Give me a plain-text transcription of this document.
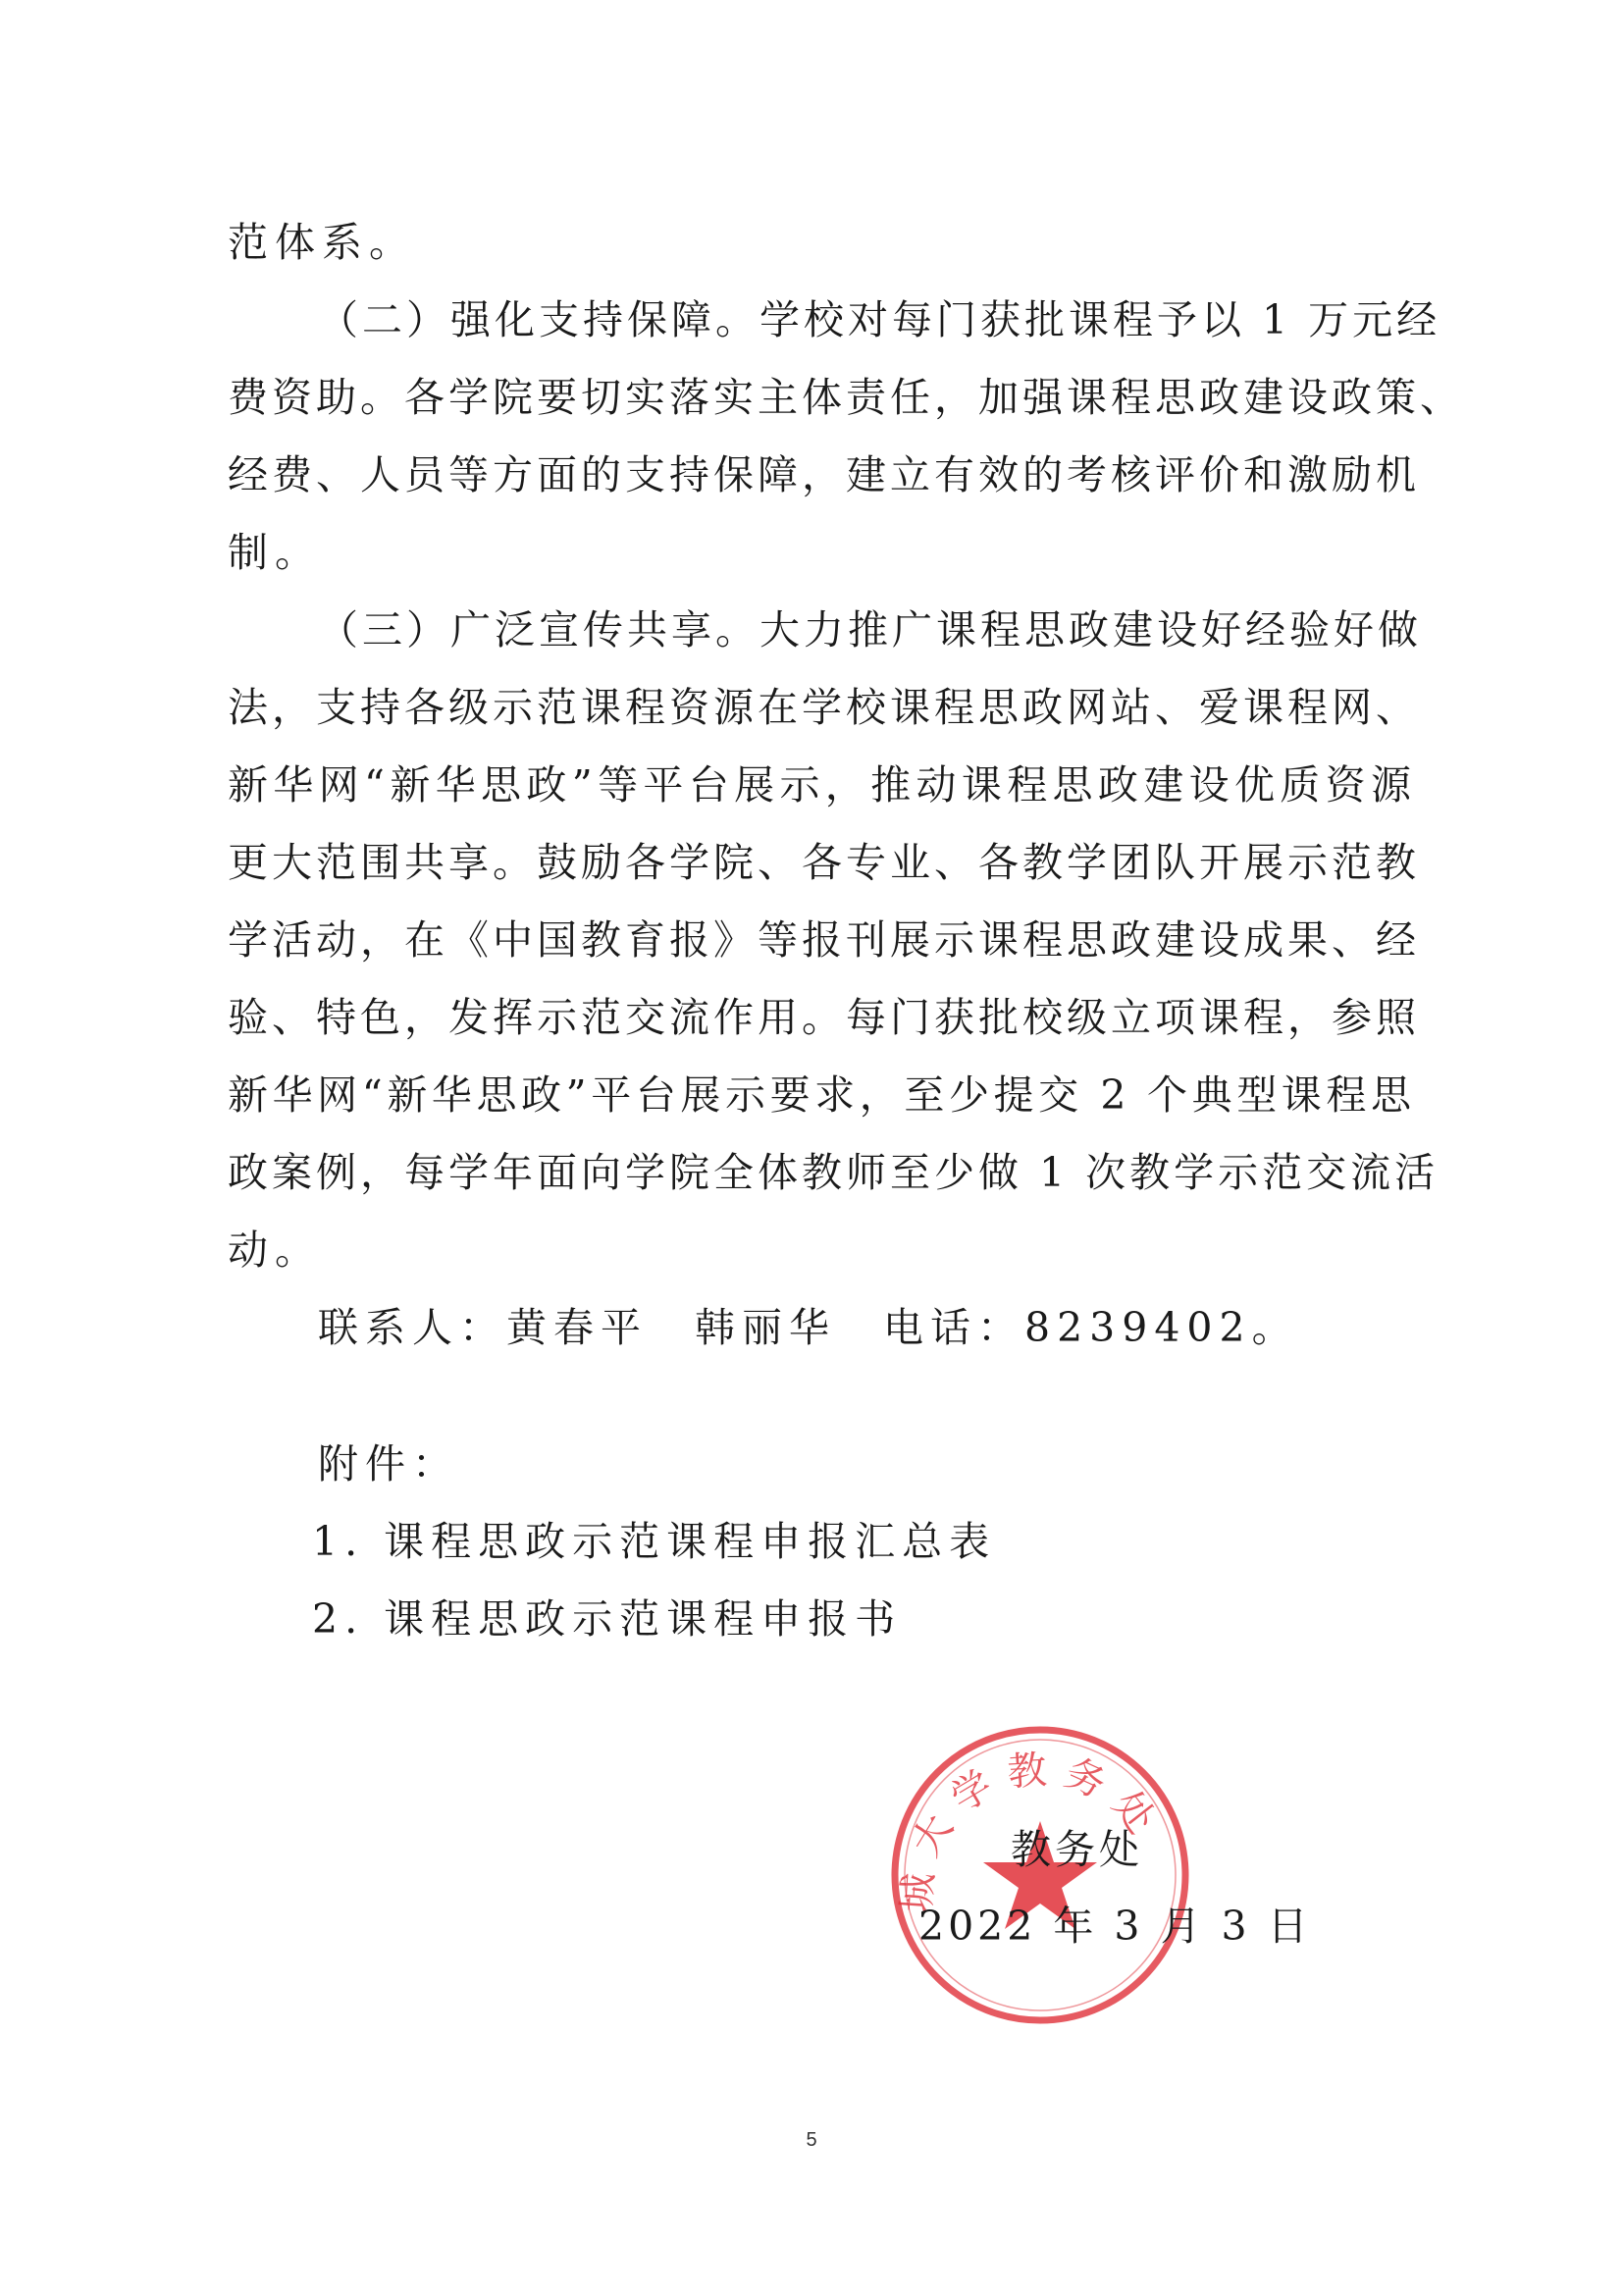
范体系。
（二）强化支持保障。学校对每门获批课程予以 1 万元经
费资助。各学院要切实落实主体责任，加强课程思政建设政策、
经费、人员等方面的支持保障，建立有效的考核评价和激励机
制。
（三）广泛宣传共享。大力推广课程思政建设好经验好做
法，支持各级示范课程资源在学校课程思政网站、爱课程网、
新华网“新华思政”等平台展示，推动课程思政建设优质资源
更大范围共享。鼓励各学院、各专业、各教学团队开展示范教
学活动，在《中国教育报》等报刊展示课程思政建设成果、经
验、特色，发挥示范交流作用。每门获批校级立项课程，参照
新华网“新华思政”平台展示要求，至少提交 2 个典型课程思
政案例，每学年面向学院全体教师至少做 1 次教学示范交流活
动。
联系人：黄春平　韩丽华　电话：8239402。
附件：
1. 课程思政示范课程申报汇总表
2. 课程思政示范课程申报书
城大学教务处
教务处
2022 年 3 月 3 日
5
